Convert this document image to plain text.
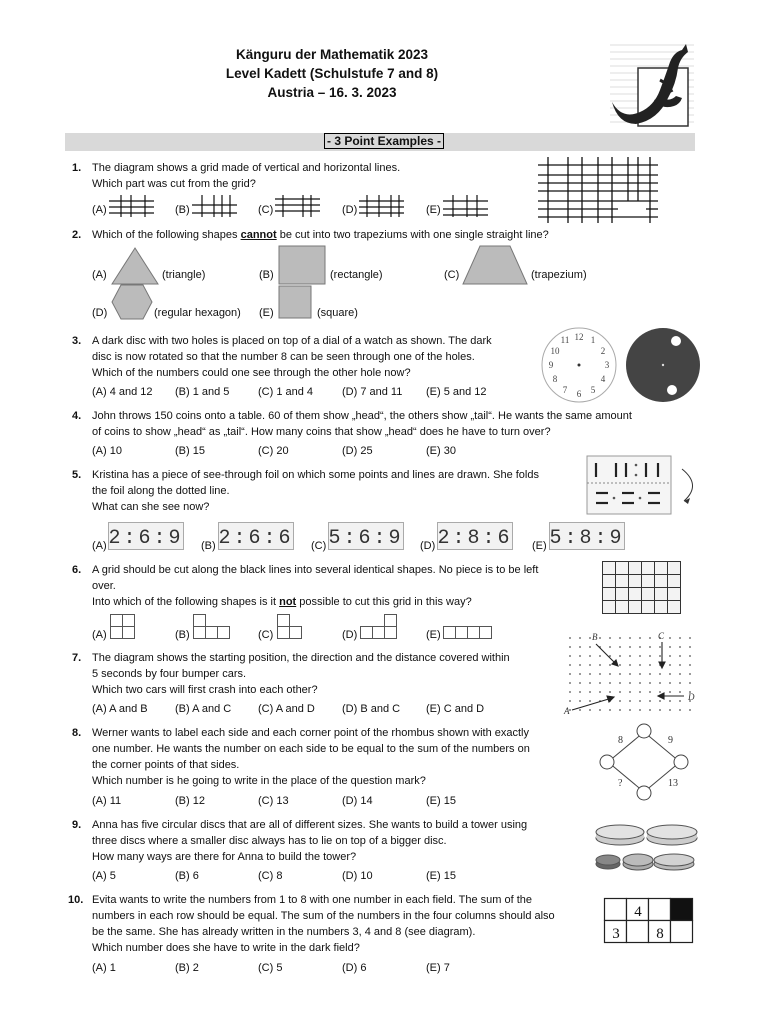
Känguru der Mathematik 2023
Level Kadett (Schulstufe 7 and 8)
Austria – 16. 3. 2023
- 3 Point Examples -
1. The diagram shows a grid made of vertical and horizontal lines.
Which part was cut from the grid?
(A)	(B)	(C)	(D)	(E)
2. Which of the following shapes cannot be cut into two trapeziums with one single straight line?
(A)	(triangle)	(B)	(rectangle)	(C)	(trapezium)
(D)	(regular hexagon) (E)	(square)
3. A dark disc with two holes is placed on top of a dial of a watch as shown. The dark
disc is now rotated so that the number 8 can be seen through one of the holes.
Which of the numbers could one see through the other hole now?
(A) 4 and 12 (B) 1 and 5	(C) 1 and 4	(D) 7 and 11 (E) 5 and 12
12 1
2
3
4
5
6
7
8
9
10
11
4. John throws 150 coins onto a table. 60 of them show „head“, the others show „tail“. He wants the same amount
of coins to show „head“ as „tail“. How many coins that show „head“ does he have to turn over?
(A) 10	(B) 15	(C) 20	(D) 25	(E) 30
5. Kristina has a piece of see-through foil on which some points and lines are drawn. She folds
the foil along the dotted line.
What can she see now?
(A)	(B)	(C)	(D)	(E)
2:6:9 2:6:6 5:6:9 2:8:6 5:8:9
6. A grid should be cut along the black lines into several identical shapes. No piece is to be left
over.
Into which of the following shapes is it not possible to cut this grid in this way?
(A)	(B)	(C)	(D)	(E)
7. The diagram shows the starting position, the direction and the distance covered within
5 seconds by four bumper cars.
Which two cars will first crash into each other?
(A) A and B (B) A and C (C) A and D (D) B and C (E) C and D	A
B	C
D
8. Werner wants to label each side and each corner point of the rhombus shown with exactly
one number. He wants the number on each side to be equal to the sum of the numbers on
the corner points of that sides.
Which number is he going to write in the place of the question mark?
(A) 11	(B) 12	(C) 13	(D) 14	(E) 15
8	9
?	13
9. Anna has five circular discs that are all of different sizes. She wants to build a tower using
three discs where a smaller disc always has to lie on top of a bigger disc.
How many ways are there for Anna to build the tower?
(A) 5	(B) 6	(C) 8	(D) 10	(E) 15
10. Evita wants to write the numbers from 1 to 8 with one number in each field. The sum of the
numbers in each row should be equal. The sum of the numbers in the four columns should also
be the same. She has already written in the numbers 3, 4 and 8 (see diagram).
Which number does she have to write in the dark field?
(A) 1	(B) 2	(C) 5	(D) 6	(E) 7
4
3 8
